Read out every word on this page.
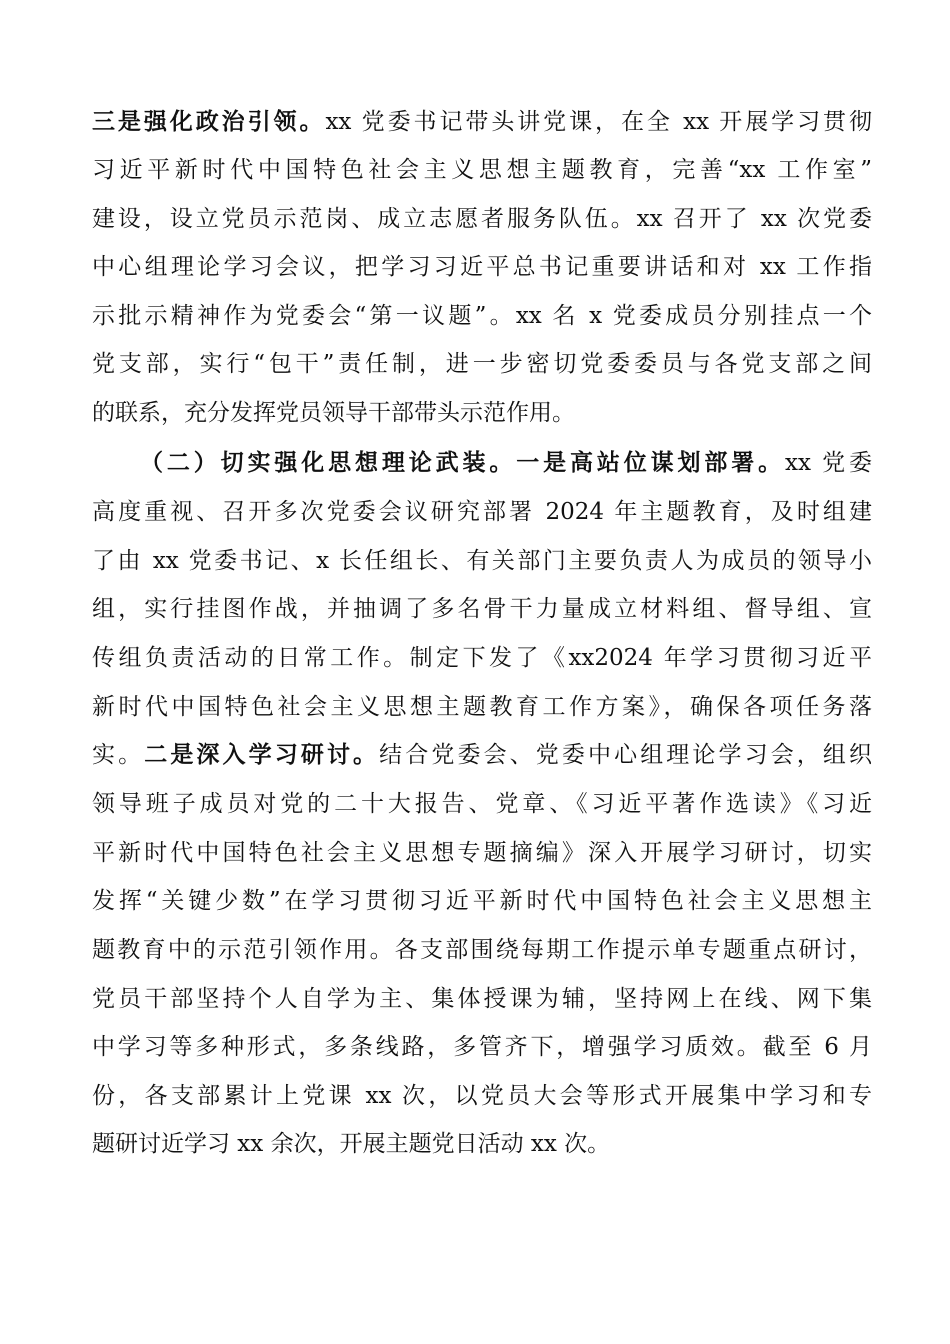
三是强化政治引领。xx 党委书记带头讲党课，在全 xx 开展学习贯彻
习近平新时代中国特色社会主义思想主题教育，完善“xx 工作室”
建设，设立党员示范岗、成立志愿者服务队伍。xx 召开了 xx 次党委
中心组理论学习会议，把学习习近平总书记重要讲话和对 xx 工作指
示批示精神作为党委会“第一议题”。xx 名 x 党委成员分别挂点一个
党支部，实行“包干”责任制，进一步密切党委委员与各党支部之间
的联系，充分发挥党员领导干部带头示范作用。
（二）切实强化思想理论武装。一是高站位谋划部署。xx 党委
高度重视、召开多次党委会议研究部署 2024 年主题教育，及时组建
了由 xx 党委书记、x 长任组长、有关部门主要负责人为成员的领导小
组，实行挂图作战，并抽调了多名骨干力量成立材料组、督导组、宣
传组负责活动的日常工作。制定下发了《xx2024 年学习贯彻习近平
新时代中国特色社会主义思想主题教育工作方案》，确保各项任务落
实。二是深入学习研讨。结合党委会、党委中心组理论学习会，组织
领导班子成员对党的二十大报告、党章、《习近平著作选读》《习近
平新时代中国特色社会主义思想专题摘编》深入开展学习研讨，切实
发挥“关键少数”在学习贯彻习近平新时代中国特色社会主义思想主
题教育中的示范引领作用。各支部围绕每期工作提示单专题重点研讨，
党员干部坚持个人自学为主、集体授课为辅，坚持网上在线、网下集
中学习等多种形式，多条线路，多管齐下，增强学习质效。截至 6 月
份，各支部累计上党课 xx 次，以党员大会等形式开展集中学习和专
题研讨近学习 xx 余次，开展主题党日活动 xx 次。
